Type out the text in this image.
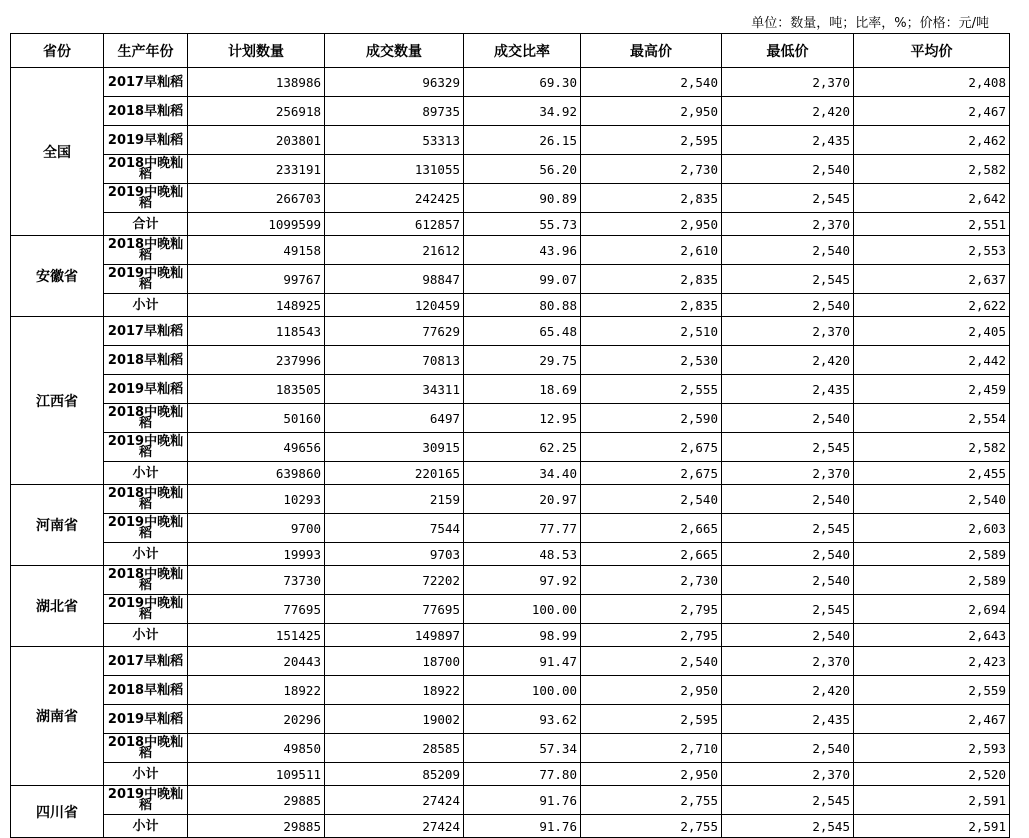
单位：数量，吨；比率，%；价格：元/吨
省份	生产年份	计划数量	成交数量	成交比率	最高价	最低价	平均价
全国	2017早籼稻	138986	96329	69.30	2,540	2,370	2,408
	2018早籼稻	256918	89735	34.92	2,950	2,420	2,467
	2019早籼稻	203801	53313	26.15	2,595	2,435	2,462
	2018中晚籼稻	233191	131055	56.20	2,730	2,540	2,582
	2019中晚籼稻	266703	242425	90.89	2,835	2,545	2,642
	合计	1099599	612857	55.73	2,950	2,370	2,551
安徽省	2018中晚籼稻	49158	21612	43.96	2,610	2,540	2,553
	2019中晚籼稻	99767	98847	99.07	2,835	2,545	2,637
	小计	148925	120459	80.88	2,835	2,540	2,622
江西省	2017早籼稻	118543	77629	65.48	2,510	2,370	2,405
	2018早籼稻	237996	70813	29.75	2,530	2,420	2,442
	2019早籼稻	183505	34311	18.69	2,555	2,435	2,459
	2018中晚籼稻	50160	6497	12.95	2,590	2,540	2,554
	2019中晚籼稻	49656	30915	62.25	2,675	2,545	2,582
	小计	639860	220165	34.40	2,675	2,370	2,455
河南省	2018中晚籼稻	10293	2159	20.97	2,540	2,540	2,540
	2019中晚籼稻	9700	7544	77.77	2,665	2,545	2,603
	小计	19993	9703	48.53	2,665	2,540	2,589
湖北省	2018中晚籼稻	73730	72202	97.92	2,730	2,540	2,589
	2019中晚籼稻	77695	77695	100.00	2,795	2,545	2,694
	小计	151425	149897	98.99	2,795	2,540	2,643
湖南省	2017早籼稻	20443	18700	91.47	2,540	2,370	2,423
	2018早籼稻	18922	18922	100.00	2,950	2,420	2,559
	2019早籼稻	20296	19002	93.62	2,595	2,435	2,467
	2018中晚籼稻	49850	28585	57.34	2,710	2,540	2,593
	小计	109511	85209	77.80	2,950	2,370	2,520
四川省	2019中晚籼稻	29885	27424	91.76	2,755	2,545	2,591
	小计	29885	27424	91.76	2,755	2,545	2,591
